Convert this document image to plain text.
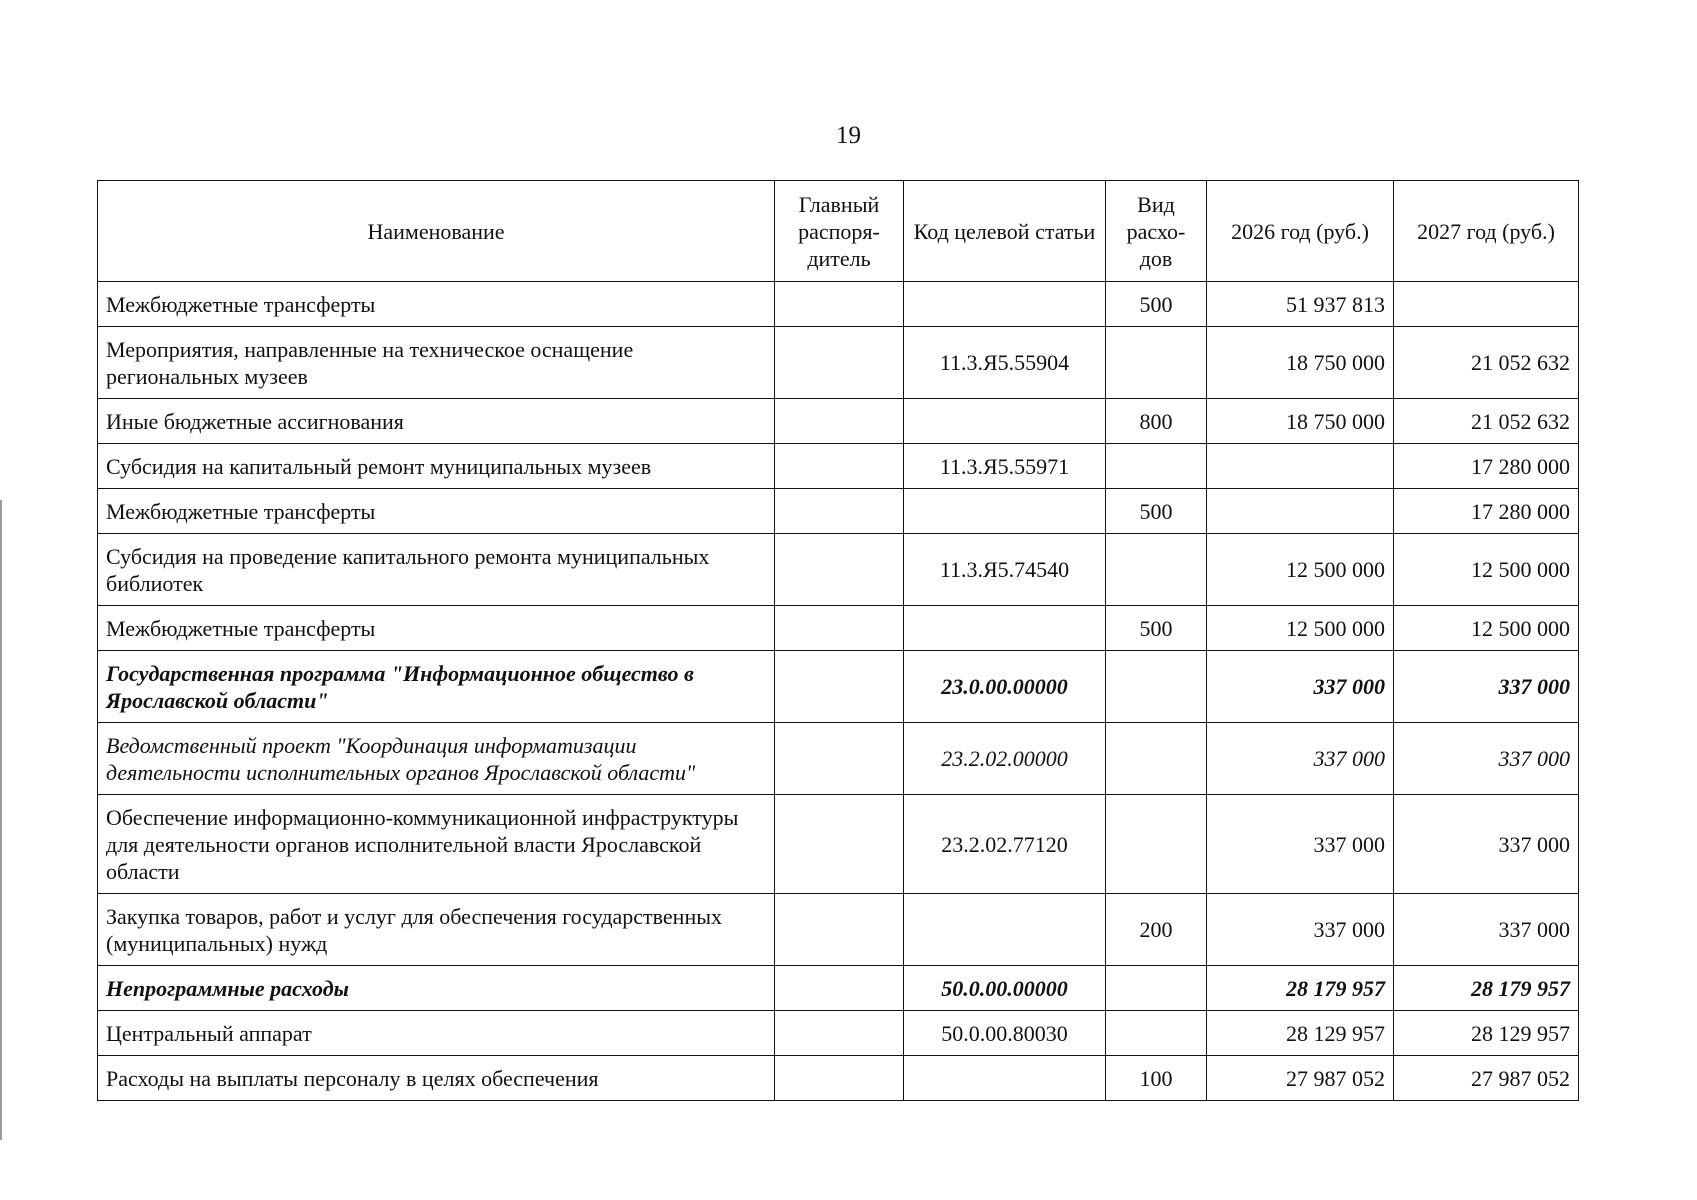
19
Наименование	Главный распоря-дитель	Код целевой статьи	Вид расхо-дов	2026 год (руб.)	2027 год (руб.)
Межбюджетные трансферты			500	51 937 813	
Мероприятия, направленные на техническое оснащение региональных музеев		11.3.Я5.55904		18 750 000	21 052 632
Иные бюджетные ассигнования			800	18 750 000	21 052 632
Субсидия на капитальный ремонт муниципальных музеев		11.3.Я5.55971			17 280 000
Межбюджетные трансферты			500		17 280 000
Субсидия на проведение капитального ремонта муниципальных библиотек		11.3.Я5.74540		12 500 000	12 500 000
Межбюджетные трансферты			500	12 500 000	12 500 000
Государственная программа "Информационное общество в Ярославской области"		23.0.00.00000		337 000	337 000
Ведомственный проект "Координация информатизации деятельности исполнительных органов Ярославской области"		23.2.02.00000		337 000	337 000
Обеспечение информационно-коммуникационной инфраструктуры для деятельности органов исполнительной власти Ярославской области		23.2.02.77120		337 000	337 000
Закупка товаров, работ и услуг для обеспечения государственных (муниципальных) нужд			200	337 000	337 000
Непрограммные расходы		50.0.00.00000		28 179 957	28 179 957
Центральный аппарат		50.0.00.80030		28 129 957	28 129 957
Расходы на выплаты персоналу в целях обеспечения			100	27 987 052	27 987 052
